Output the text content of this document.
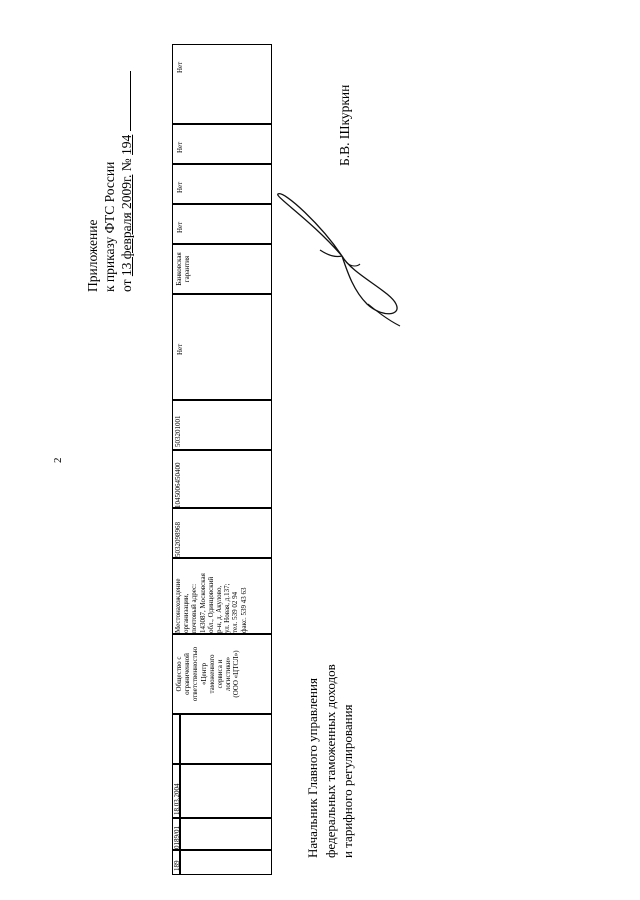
2
Приложение к приказу ФТС России от 13 февраля 2009г. № 194
189
0189/01
18.03.2004
Общество с ограниченной ответственностью «Центр таможенного сервиса и логистики» (ООО «ЦТСЛ»)
Местонахождение организации, почтовый адрес: 143087, Московская обл., Одинцовский р-н, д. Акулово, ул. Новая, д.137; тел. 539 02 94 факс. 539 43 63
5032098968
1045006450400
503201001
Нет
Банковская гарантия
Нет
Нет
Нет
Нет
Б.В. Шкуркин
Начальник Главного управления федеральных таможенных доходов и тарифного регулирования
